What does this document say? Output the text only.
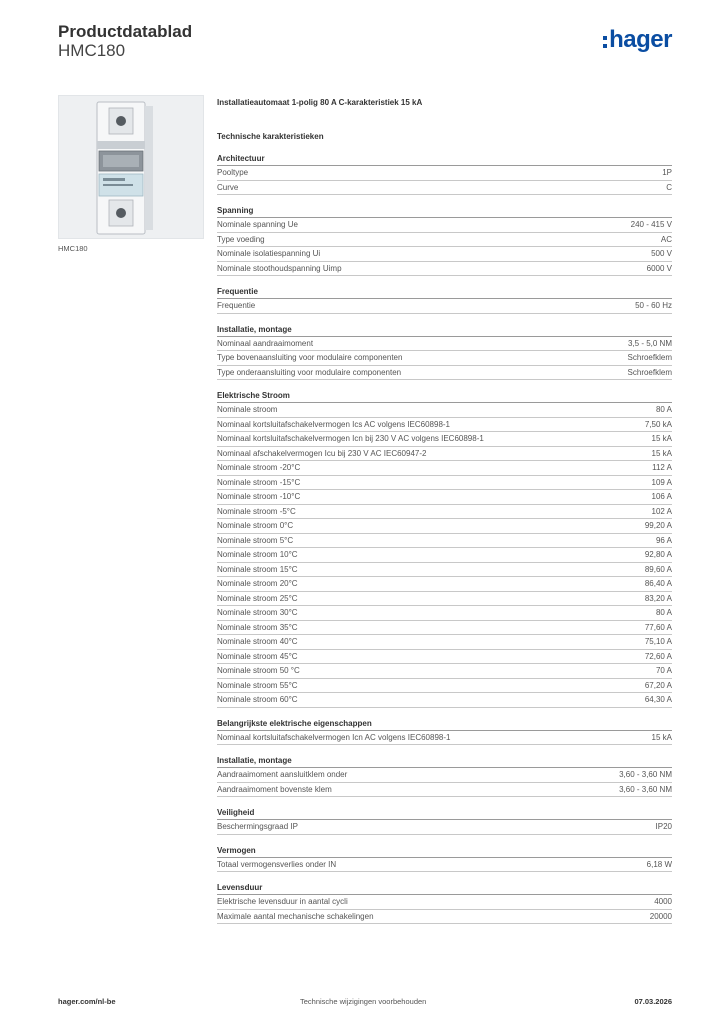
Productdatablad
HMC180	hager
HMC180
Installatieautomaat 1-polig 80 A C-karakteristiek 15 kA
Technische karakteristieken
Architectuur
Pooltype	1P
Curve	C
Spanning
Nominale spanning Ue	240 - 415 V
Type voeding	AC
Nominale isolatiespanning Ui	500 V
Nominale stoothoudspanning Uimp	6000 V
Frequentie
Frequentie	50 - 60 Hz
Installatie, montage
Nominaal aandraaimoment	3,5 - 5,0 NM
Type bovenaansluiting voor modulaire componenten	Schroefklem
Type onderaansluiting voor modulaire componenten	Schroefklem
Elektrische Stroom
Nominale stroom	80 A
Nominaal kortsluitafschakelvermogen Ics AC volgens IEC60898-1	7,50 kA
Nominaal kortsluitafschakelvermogen Icn bij 230 V AC volgens IEC60898-1	15 kA
Nominaal afschakelvermogen Icu bij 230 V AC IEC60947-2	15 kA
Nominale stroom -20°C	112 A
Nominale stroom -15°C	109 A
Nominale stroom -10°C	106 A
Nominale stroom -5°C	102 A
Nominale stroom 0°C	99,20 A
Nominale stroom 5°C	96 A
Nominale stroom 10°C	92,80 A
Nominale stroom 15°C	89,60 A
Nominale stroom 20°C	86,40 A
Nominale stroom 25°C	83,20 A
Nominale stroom 30°C	80 A
Nominale stroom 35°C	77,60 A
Nominale stroom 40°C	75,10 A
Nominale stroom 45°C	72,60 A
Nominale stroom 50 °C	70 A
Nominale stroom 55°C	67,20 A
Nominale stroom 60°C	64,30 A
Belangrijkste elektrische eigenschappen
Nominaal kortsluitafschakelvermogen Icn AC volgens IEC60898-1	15 kA
Installatie, montage
Aandraaimoment aansluitklem onder	3,60 - 3,60 NM
Aandraaimoment bovenste klem	3,60 - 3,60 NM
Veiligheid
Beschermingsgraad IP	IP20
Vermogen
Totaal vermogensverlies onder IN	6,18 W
Levensduur
Elektrische levensduur in aantal cycli	4000
Maximale aantal mechanische schakelingen	20000
hager.com/nl-be	Technische wijzigingen voorbehouden	07.03.2026
